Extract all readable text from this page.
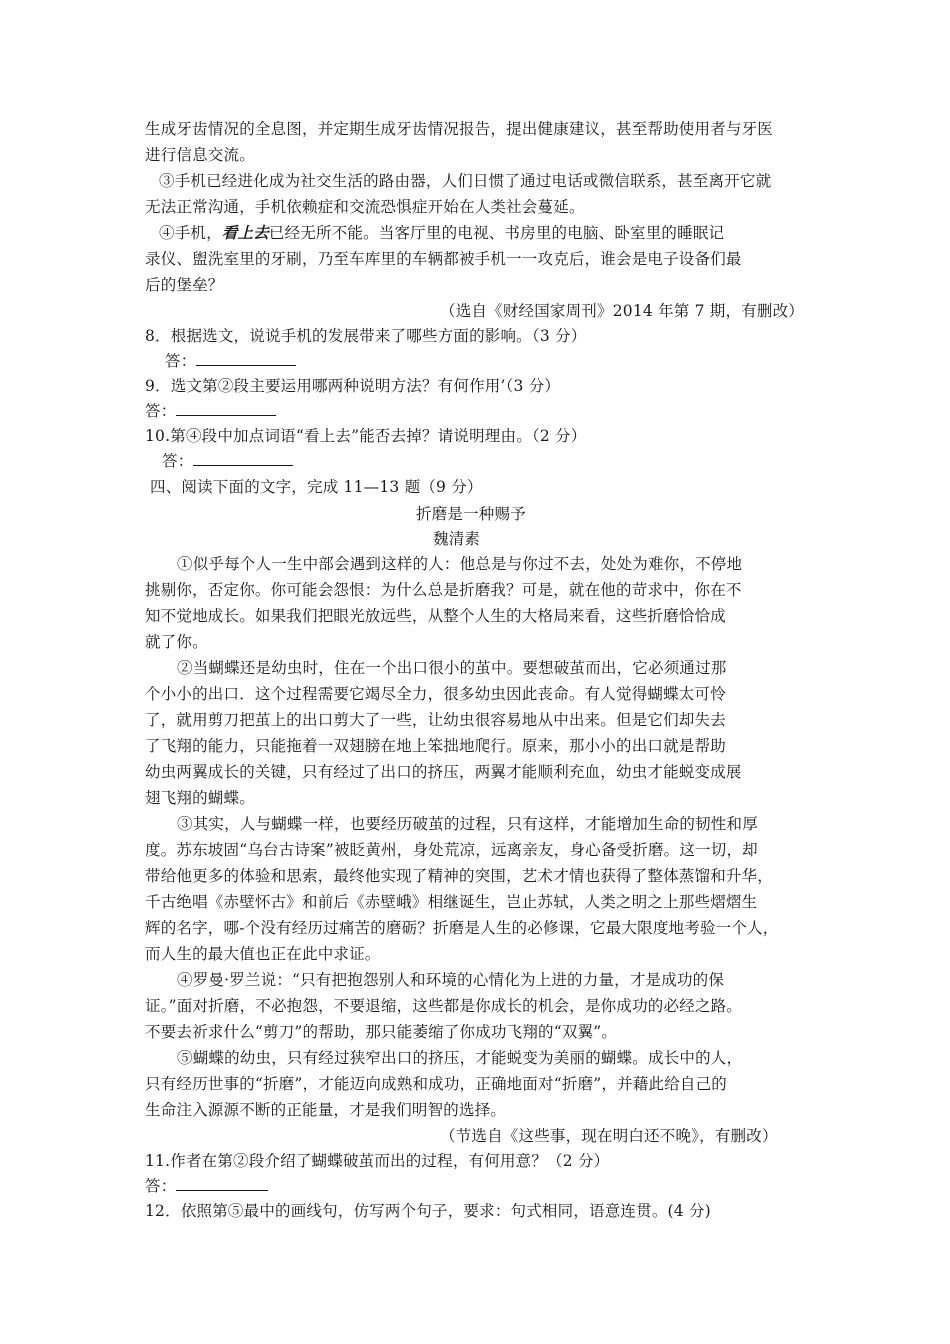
生成牙齿情况的全息图，并定期生成牙齿情况报告，提出健康建议，甚至帮助使用者与牙医
进行信息交流。
③手机已经进化成为社交生活的路由器，人们日惯了通过电话或微信联系，甚至离开它就
无法正常沟通，手机依赖症和交流恐惧症开始在人类社会蔓延。
④手机，看上去已经无所不能。当客厅里的电视、书房里的电脑、卧室里的睡眠记
录仪、盥洗室里的牙刷，乃至车库里的车辆都被手机一一攻克后，谁会是电子设备们最
后的堡垒？
（选自《财经国家周刊》2014 年第 7 期，有删改）
8．根据选文，说说手机的发展带来了哪些方面的影响。（3 分）
答：
9．选文第②段主要运用哪两种说明方法？有何作用’（3 分）
答：
10.第④段中加点词语“看上去”能否去掉？请说明理由。（2 分）
答：
四、阅读下面的文字，完成 11—13 题（9 分）
折磨是一种赐予
魏清素
①似乎每个人一生中部会遇到这样的人：他总是与你过不去，处处为难你，不停地
挑剔你，否定你。你可能会怨恨：为什么总是折磨我？可是，就在他的苛求中，你在不
知不觉地成长。如果我们把眼光放远些，从整个人生的大格局来看，这些折磨恰恰成
就了你。
②当蝴蝶还是幼虫时，住在一个出口很小的茧中。要想破茧而出，它必须通过那
个小小的出口．这个过程需要它竭尽全力，很多幼虫因此丧命。有人觉得蝴蝶太可怜
了，就用剪刀把茧上的出口剪大了一些，让幼虫很容易地从中出来。但是它们却失去
了飞翔的能力，只能拖着一双翅膀在地上笨拙地爬行。原来，那小小的出口就是帮助
幼虫两翼成长的关键，只有经过了出口的挤压，两翼才能顺利充血，幼虫才能蜕变成展
翅飞翔的蝴蝶。
③其实，人与蝴蝶一样，也要经历破茧的过程，只有这样，才能增加生命的韧性和厚
度。苏东坡固“乌台古诗案”被眨黄州，身处荒凉，远离亲友，身心备受折磨。这一切，却
带给他更多的体验和思索，最终他实现了精神的突围，艺术才情也获得了整体蒸馏和升华，
千古绝唱《赤壁怀古》和前后《赤壁峨》相继诞生，岂止苏轼，人类之明之上那些熠熠生
辉的名字，哪-个没有经历过痛苦的磨砺？折磨是人生的必修课，它最大限度地考验一个人，
而人生的最大值也正在此中求证。
④罗曼·罗兰说：“只有把抱怨别人和环境的心情化为上进的力量，才是成功的保
证。”面对折磨，不必抱怨，不要退缩，这些都是你成长的机会，是你成功的必经之路。
不要去祈求什么“剪刀”的帮助，那只能萎缩了你成功飞翔的“双翼”。
⑤蝴蝶的幼虫，只有经过狭窄出口的挤压，才能蜕变为美丽的蝴蝶。成长中的人，
只有经历世事的“折磨”，才能迈向成熟和成功，正确地面对“折磨”，并藉此给自己的
生命注入源源不断的正能量，才是我们明智的选择。
（节选自《这些事，现在明白还不晚》，有删改）
11.作者在第②段介绍了蝴蝶破茧而出的过程，有何用意？（2 分）
答：
12．依照第⑤最中的画线句，仿写两个句子，要求：句式相同，语意连贯。(4 分)
